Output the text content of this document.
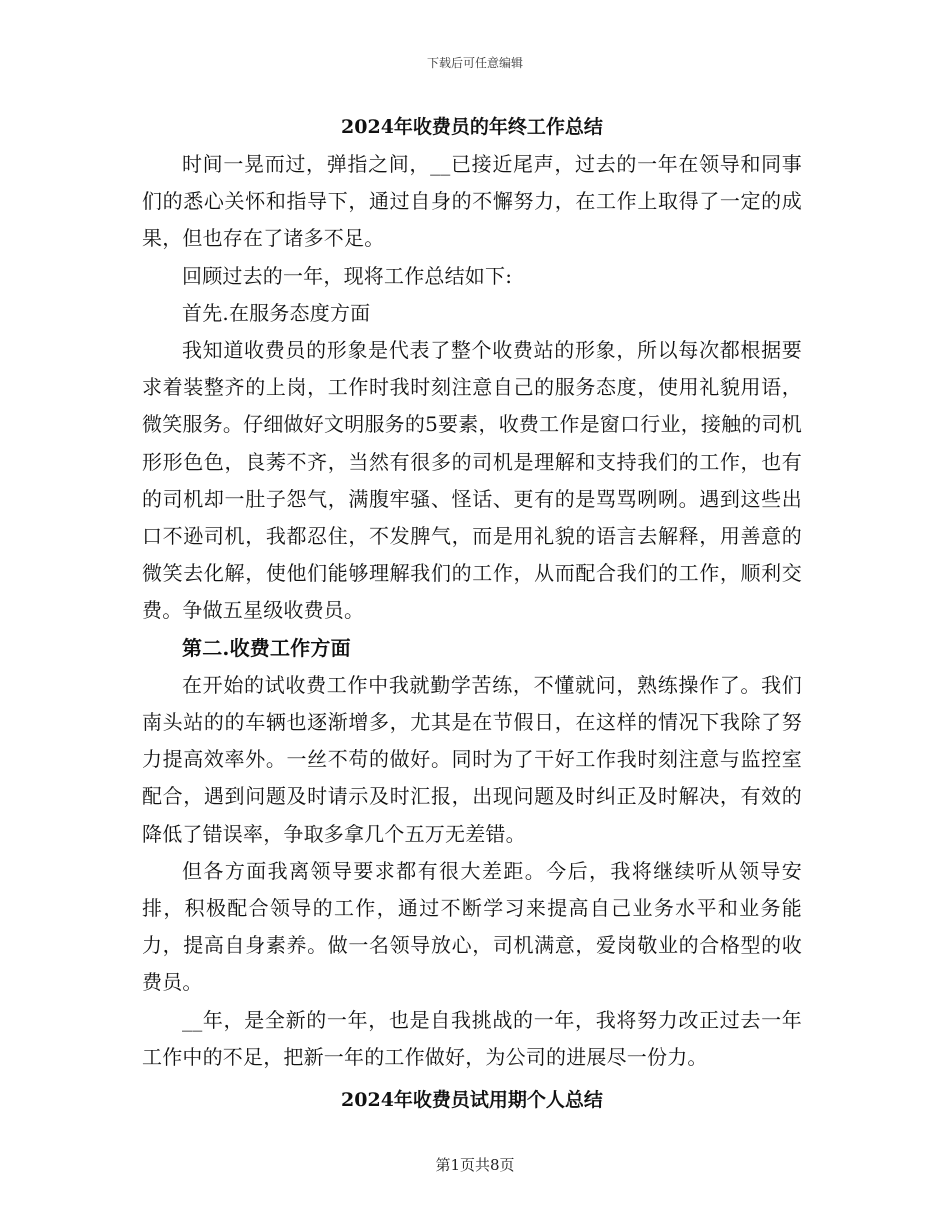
下载后可任意编辑
2024年收费员的年终工作总结

时间一晃而过，弹指之间，__已接近尾声，过去的一年在领导和同事们的悉心关怀和指导下，通过自身的不懈努力，在工作上取得了一定的成果，但也存在了诸多不足。

回顾过去的一年，现将工作总结如下:

首先.在服务态度方面

我知道收费员的形象是代表了整个收费站的形象，所以每次都根据要求着装整齐的上岗，工作时我时刻注意自己的服务态度，使用礼貌用语，微笑服务。仔细做好文明服务的5要素，收费工作是窗口行业，接触的司机形形色色，良莠不齐，当然有很多的司机是理解和支持我们的工作，也有的司机却一肚子怨气，满腹牢骚、怪话、更有的是骂骂咧咧。遇到这些出口不逊司机，我都忍住，不发脾气，而是用礼貌的语言去解释，用善意的微笑去化解，使他们能够理解我们的工作，从而配合我们的工作，顺利交费。争做五星级收费员。

第二.收费工作方面

在开始的试收费工作中我就勤学苦练，不懂就问，熟练操作了。我们南头站的的车辆也逐渐增多，尤其是在节假日，在这样的情况下我除了努力提高效率外。一丝不苟的做好。同时为了干好工作我时刻注意与监控室配合，遇到问题及时请示及时汇报，出现问题及时纠正及时解决，有效的降低了错误率，争取多拿几个五万无差错。

但各方面我离领导要求都有很大差距。今后，我将继续听从领导安排，积极配合领导的工作，通过不断学习来提高自己业务水平和业务能力，提高自身素养。做一名领导放心，司机满意，爱岗敬业的合格型的收费员。

__年，是全新的一年，也是自我挑战的一年，我将努力改正过去一年工作中的不足，把新一年的工作做好，为公司的进展尽一份力。

2024年收费员试用期个人总结
第1页共8页
